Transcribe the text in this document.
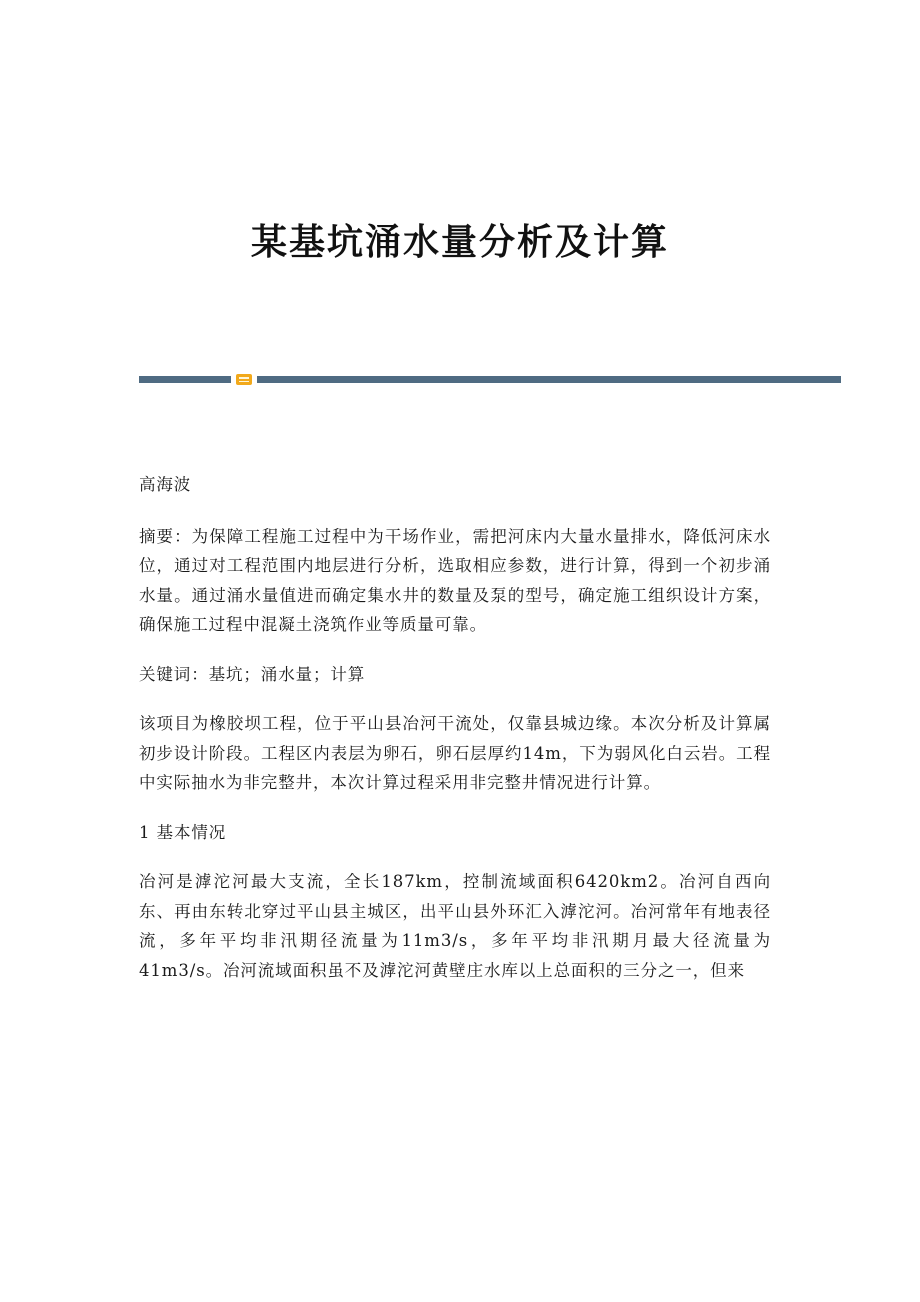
某基坑涌水量分析及计算

高海波

摘要：为保障工程施工过程中为干场作业，需把河床内大量水量排水，降低河床水位，通过对工程范围内地层进行分析，选取相应参数，进行计算，得到一个初步涌水量。通过涌水量值进而确定集水井的数量及泵的型号，确定施工组织设计方案，确保施工过程中混凝土浇筑作业等质量可靠。

关键词：基坑；涌水量；计算

该项目为橡胶坝工程，位于平山县冶河干流处，仅靠县城边缘。本次分析及计算属初步设计阶段。工程区内表层为卵石，卵石层厚约14m，下为弱风化白云岩。工程中实际抽水为非完整井，本次计算过程采用非完整井情况进行计算。

1 基本情况

冶河是滹沱河最大支流，全长187km，控制流域面积6420km2。冶河自西向东、再由东转北穿过平山县主城区，出平山县外环汇入滹沱河。冶河常年有地表径流，多年平均非汛期径流量为11m3/s，多年平均非汛期月最大径流量为41m3/s。冶河流域面积虽不及滹沱河黄壁庄水库以上总面积的三分之一，但来
